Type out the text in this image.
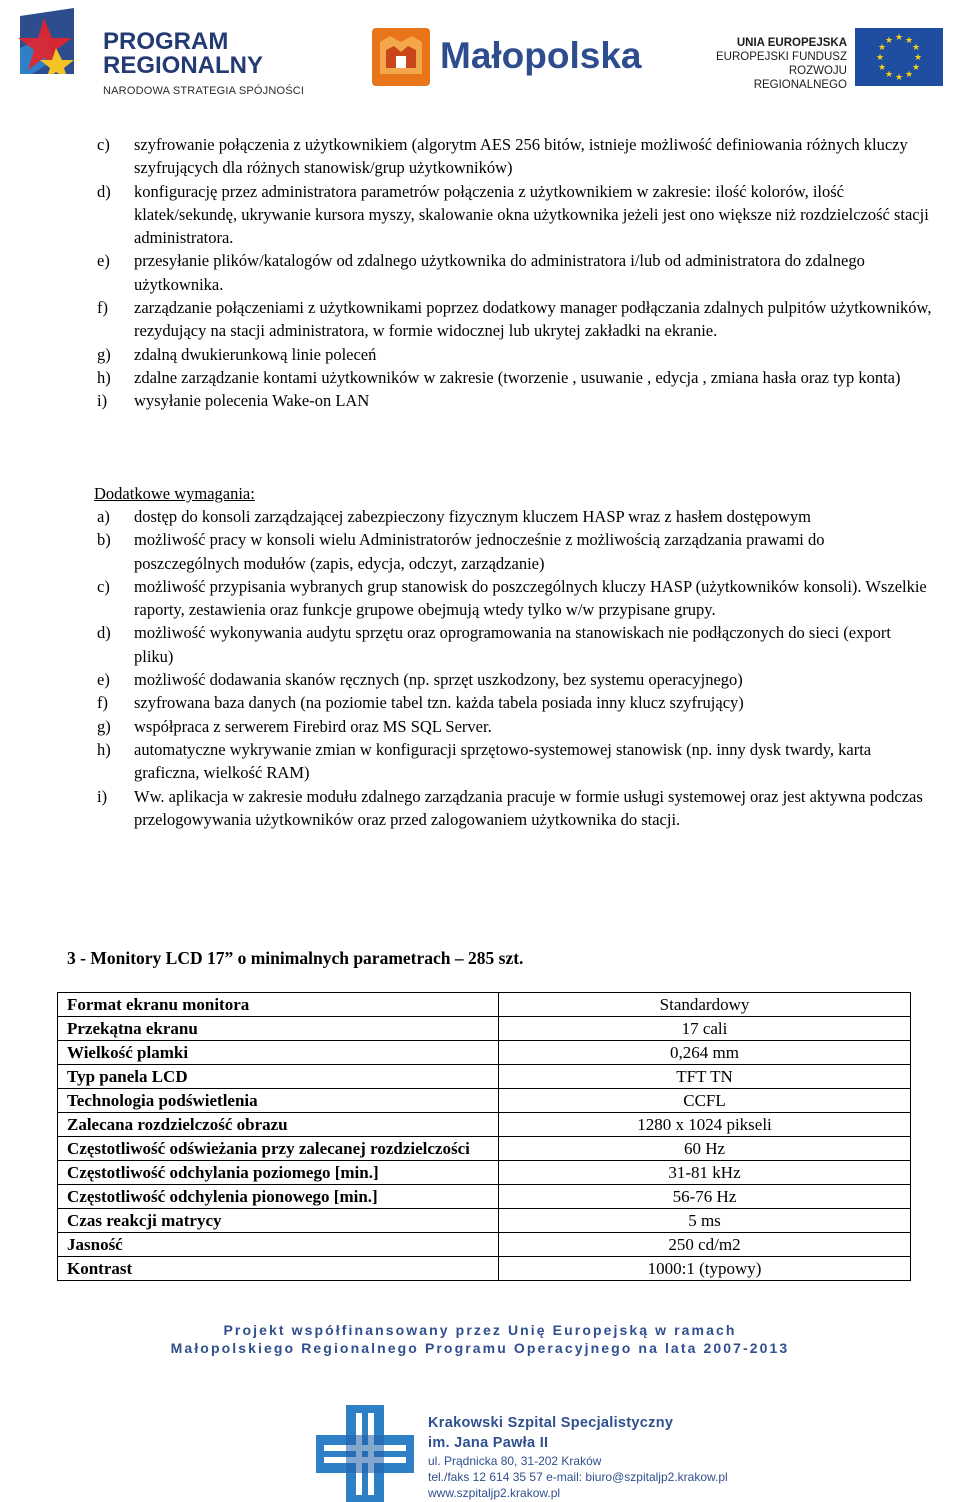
PROGRAM
REGIONALNY
NARODOWA STRATEGIA SPÓJNOŚCI
Małopolska	UNIA EUROPEJSKA
EUROPEJSKI FUNDUSZ
ROZWOJU REGIONALNEGO
★ ★
★
★
★
★
★
★
★
★
★
★
c) szyfrowanie połączenia z użytkownikiem (algorytm AES 256 bitów, istnieje możliwość definiowania różnych kluczy szyfrujących dla różnych stanowisk/grup użytkowników)
d) konfigurację przez administratora parametrów połączenia z użytkownikiem w zakresie: ilość kolorów, ilość klatek/sekundę, ukrywanie kursora myszy, skalowanie okna użytkownika jeżeli jest ono większe niż rozdzielczość stacji administratora.
e) przesyłanie plików/katalogów od zdalnego użytkownika do administratora i/lub od administratora do zdalnego użytkownika.
f) zarządzanie połączeniami z użytkownikami poprzez dodatkowy manager podłączania zdalnych pulpitów użytkowników, rezydujący na stacji administratora, w formie widocznej lub ukrytej zakładki na ekranie.
g) zdalną dwukierunkową linie poleceń
h) zdalne zarządzanie kontami użytkowników w zakresie (tworzenie , usuwanie , edycja , zmiana hasła oraz typ konta)
i) wysyłanie polecenia Wake-on LAN
Dodatkowe wymagania:
a) dostęp do konsoli zarządzającej zabezpieczony fizycznym kluczem HASP wraz z hasłem dostępowym
b) możliwość pracy w konsoli wielu Administratorów jednocześnie z możliwością zarządzania prawami do poszczególnych modułów (zapis, edycja, odczyt, zarządzanie)
c) możliwość przypisania wybranych grup stanowisk do poszczególnych kluczy HASP (użytkowników konsoli). Wszelkie raporty, zestawienia oraz funkcje grupowe obejmują wtedy tylko w/w przypisane grupy.
d) możliwość wykonywania audytu sprzętu oraz oprogramowania na stanowiskach nie podłączonych do sieci (export pliku)
e) możliwość dodawania skanów ręcznych (np. sprzęt uszkodzony, bez systemu operacyjnego)
f) szyfrowana baza danych (na poziomie tabel tzn. każda tabela posiada inny klucz szyfrujący)
g) współpraca z serwerem Firebird oraz MS SQL Server.
h) automatyczne wykrywanie zmian w konfiguracji sprzętowo-systemowej stanowisk (np. inny dysk twardy, karta graficzna, wielkość RAM)
i) Ww. aplikacja w zakresie modułu zdalnego zarządzania pracuje w formie usługi systemowej oraz jest aktywna podczas przelogowywania użytkowników oraz przed zalogowaniem użytkownika do stacji.
3 - Monitory LCD 17” o minimalnych parametrach – 285 szt.
Format ekranu monitora	Standardowy
Przekątna ekranu	17 cali
Wielkość plamki	0,264 mm
Typ panela LCD	TFT TN
Technologia podświetlenia	CCFL
Zalecana rozdzielczość obrazu	1280 x 1024 pikseli
Częstotliwość odświeżania przy zalecanej rozdzielczości	60 Hz
Częstotliwość odchylania poziomego [min.]	31-81 kHz
Częstotliwość odchylenia pionowego [min.]	56-76 Hz
Czas reakcji matrycy	5 ms
Jasność	250 cd/m2
Kontrast	1000:1 (typowy)
Projekt współfinansowany przez Unię Europejską w ramach
Małopolskiego Regionalnego Programu Operacyjnego na lata 2007-2013
Krakowski Szpital Specjalistyczny
im. Jana Pawła II
ul. Prądnicka 80, 31-202 Kraków
tel./faks 12 614 35 57 e-mail: biuro@szpitaljp2.krakow.pl
www.szpitaljp2.krakow.pl
